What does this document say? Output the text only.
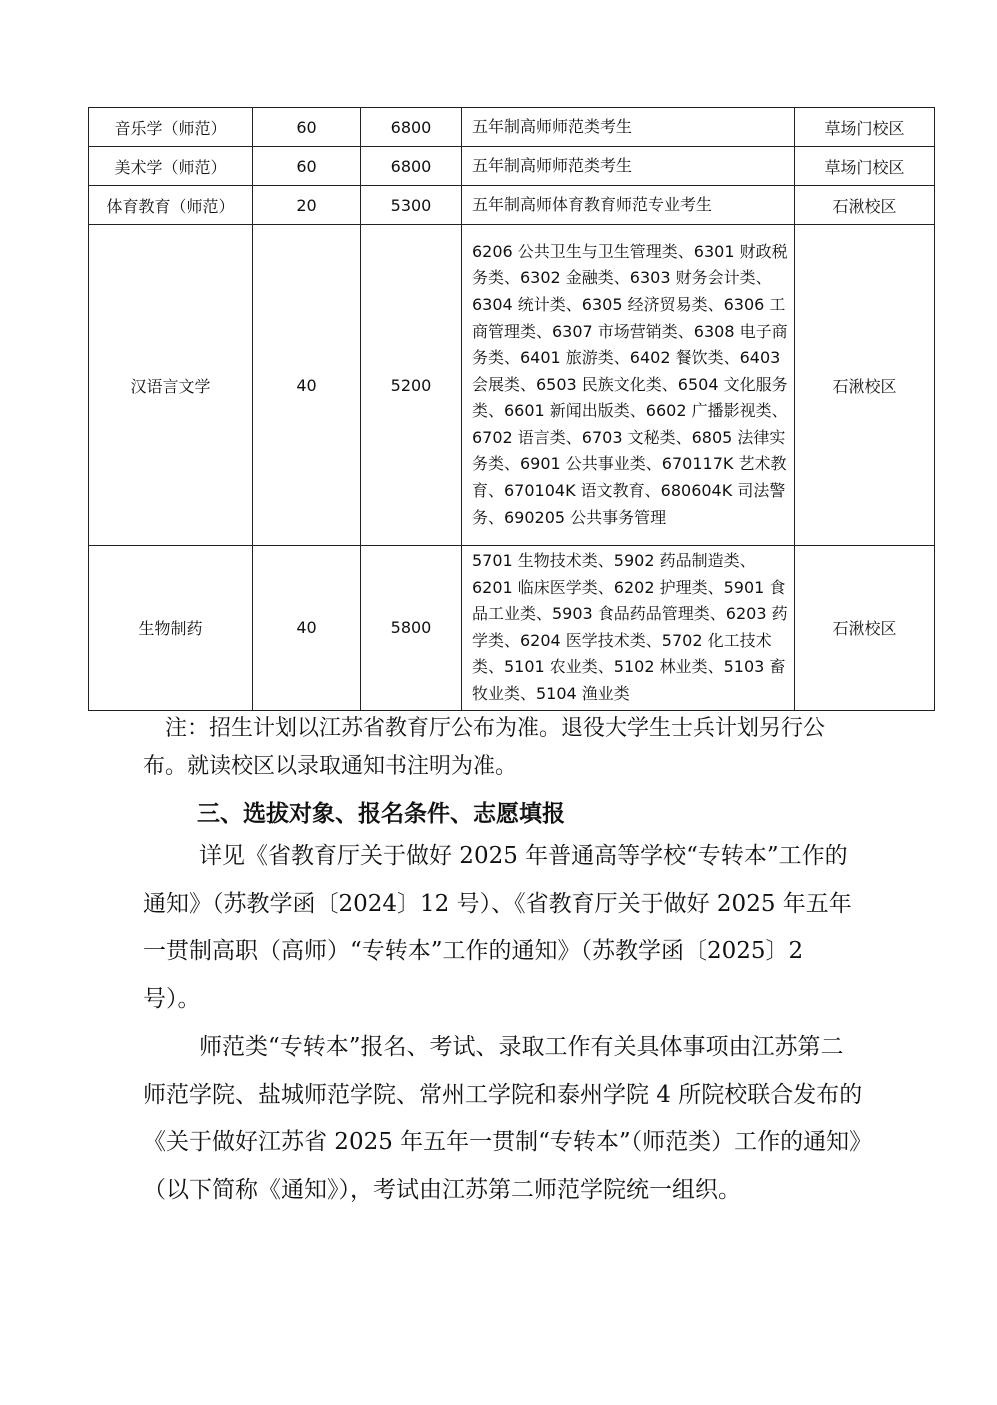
音乐学（师范）	60	6800	五年制高师师范类考生	草场门校区
美术学（师范）	60	6800	五年制高师师范类考生	草场门校区
体育教育（师范）	20	5300	五年制高师体育教育师范专业考生	石湫校区
汉语言文学	40	5200	6206 公共卫生与卫生管理类、6301 财政税务类、6302 金融类、6303 财务会计类、6304 统计类、6305 经济贸易类、6306 工商管理类、6307 市场营销类、6308 电子商务类、6401 旅游类、6402 餐饮类、6403 会展类、6503 民族文化类、6504 文化服务类、6601 新闻出版类、6602 广播影视类、6702 语言类、6703 文秘类、6805 法律实务类、6901 公共事业类、670117K 艺术教育、670104K 语文教育、680604K 司法警务、690205 公共事务管理	石湫校区
生物制药	40	5800	5701 生物技术类、5902 药品制造类、6201 临床医学类、6202 护理类、5901 食品工业类、5903 食品药品管理类、6203 药学类、6204 医学技术类、5702 化工技术类、5101 农业类、5102 林业类、5103 畜牧业类、5104 渔业类	石湫校区
注：招生计划以江苏省教育厅公布为准。退役大学生士兵计划另行公布。就读校区以录取通知书注明为准。
三、选拔对象、报名条件、志愿填报

详见《省教育厅关于做好 2025 年普通高等学校“专转本”工作的通知》（苏教学函〔2024〕12 号）、《省教育厅关于做好 2025 年五年一贯制高职（高师）“专转本”工作的通知》（苏教学函〔2025〕2 号）。

师范类“专转本”报名、考试、录取工作有关具体事项由江苏第二师范学院、盐城师范学院、常州工学院和泰州学院 4 所院校联合发布的《关于做好江苏省 2025 年五年一贯制“专转本”（师范类）工作的通知》（以下简称《通知》），考试由江苏第二师范学院统一组织。
